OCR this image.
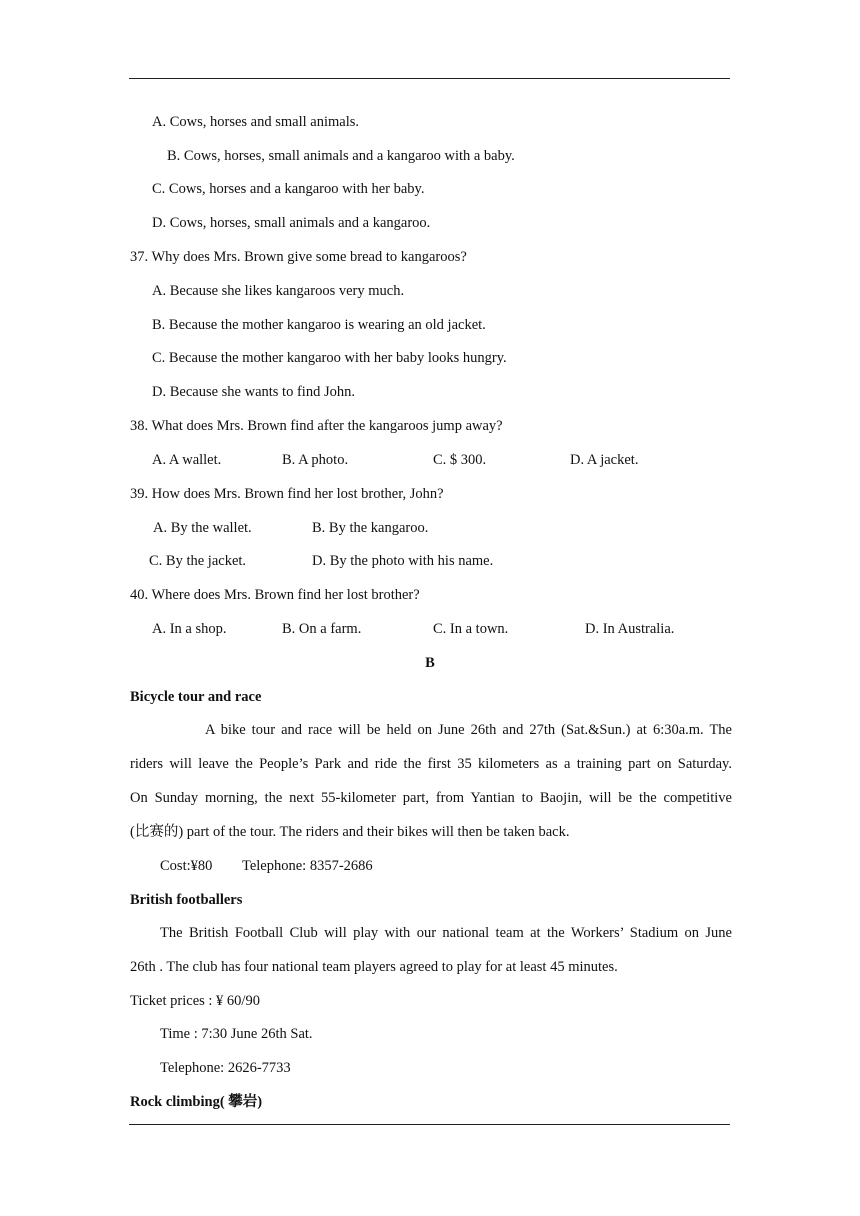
A. Cows, horses and small animals.
B. Cows, horses, small animals and a kangaroo with a baby.
C. Cows, horses and a kangaroo with her baby.
D. Cows, horses, small animals and a kangaroo.
37. Why does Mrs. Brown give some bread to kangaroos?
A. Because she likes kangaroos very much.
B. Because the mother kangaroo is wearing an old jacket.
C. Because the mother kangaroo with her baby looks hungry.
D. Because she wants to find John.
38. What does Mrs. Brown find after the kangaroos jump away?
A. A wallet.	B. A photo.	C. $ 300.	D. A jacket.
39. How does Mrs. Brown find her lost brother, John?
A. By the wallet.	B. By the kangaroo.
C. By the jacket.	D. By the photo with his name.
40. Where does Mrs. Brown find her lost brother?
A. In a shop.	B. On a farm.	C. In a town.	D. In Australia.
B
Bicycle tour and race
A bike tour and race will be held on June 26th and 27th (Sat.&Sun.) at 6:30a.m. The
riders will leave the People’s Park and ride the first 35 kilometers as a training part on Saturday.
On Sunday morning, the next 55-kilometer part, from Yantian to Baojin, will be the competitive
(比赛的) part of the tour. The riders and their bikes will then be taken back.
Cost:¥80 Telephone: 8357-2686
British footballers
The British Football Club will play with our national team at the Workers’ Stadium on June
26th . The club has four national team players agreed to play for at least 45 minutes.
Ticket prices : ¥ 60/90
Time : 7:30 June 26th Sat.
Telephone: 2626-7733
Rock climbing( 攀岩)
